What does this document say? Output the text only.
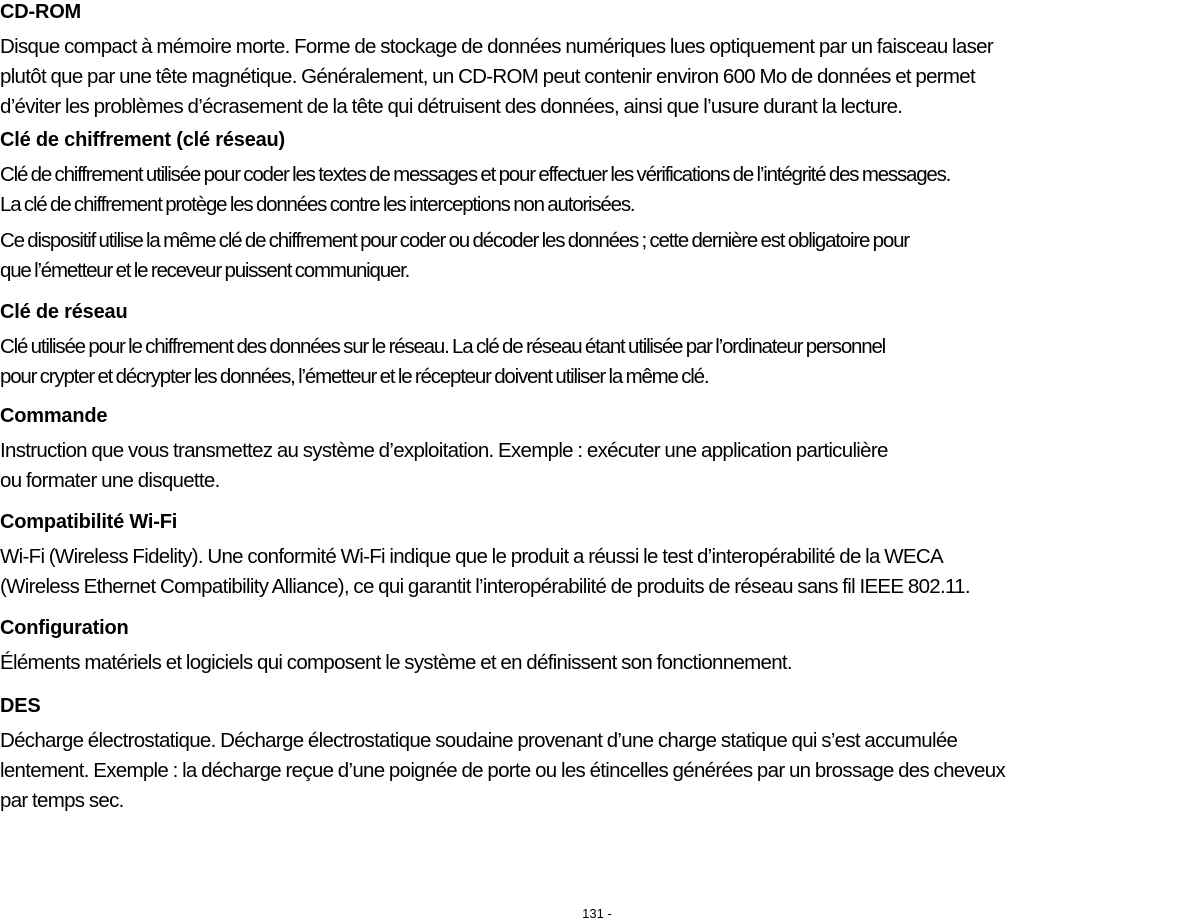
CD-ROM
Disque compact à mémoire morte. Forme de stockage de données numériques lues optiquement par un faisceau laser
plutôt que par une tête magnétique. Généralement, un CD-ROM peut contenir environ 600 Mo de données et permet
d’éviter les problèmes d’écrasement de la tête qui détruisent des données, ainsi que l’usure durant la lecture.
Clé de chiffrement (clé réseau)
Clé de chiffrement utilisée pour coder les textes de messages et pour effectuer les vérifications de l’intégrité des messages.
La clé de chiffrement protège les données contre les interceptions non autorisées.
Ce dispositif utilise la même clé de chiffrement pour coder ou décoder les données ; cette dernière est obligatoire pour
que l’émetteur et le receveur puissent communiquer.
Clé de réseau
Clé utilisée pour le chiffrement des données sur le réseau. La clé de réseau étant utilisée par l’ordinateur personnel
pour crypter et décrypter les données, l’émetteur et le récepteur doivent utiliser la même clé.
Commande
Instruction que vous transmettez au système d’exploitation. Exemple : exécuter une application particulière
ou formater une disquette.
Compatibilité Wi-Fi
Wi-Fi (Wireless Fidelity). Une conformité Wi-Fi indique que le produit a réussi le test d’interopérabilité de la WECA
(Wireless Ethernet Compatibility Alliance), ce qui garantit l’interopérabilité de produits de réseau sans fil IEEE 802.11.
Configuration
Éléments matériels et logiciels qui composent le système et en définissent son fonctionnement.
DES
Décharge électrostatique. Décharge électrostatique soudaine provenant d’une charge statique qui s’est accumulée
lentement. Exemple : la décharge reçue d’une poignée de porte ou les étincelles générées par un brossage des cheveux
par temps sec.
131 -
